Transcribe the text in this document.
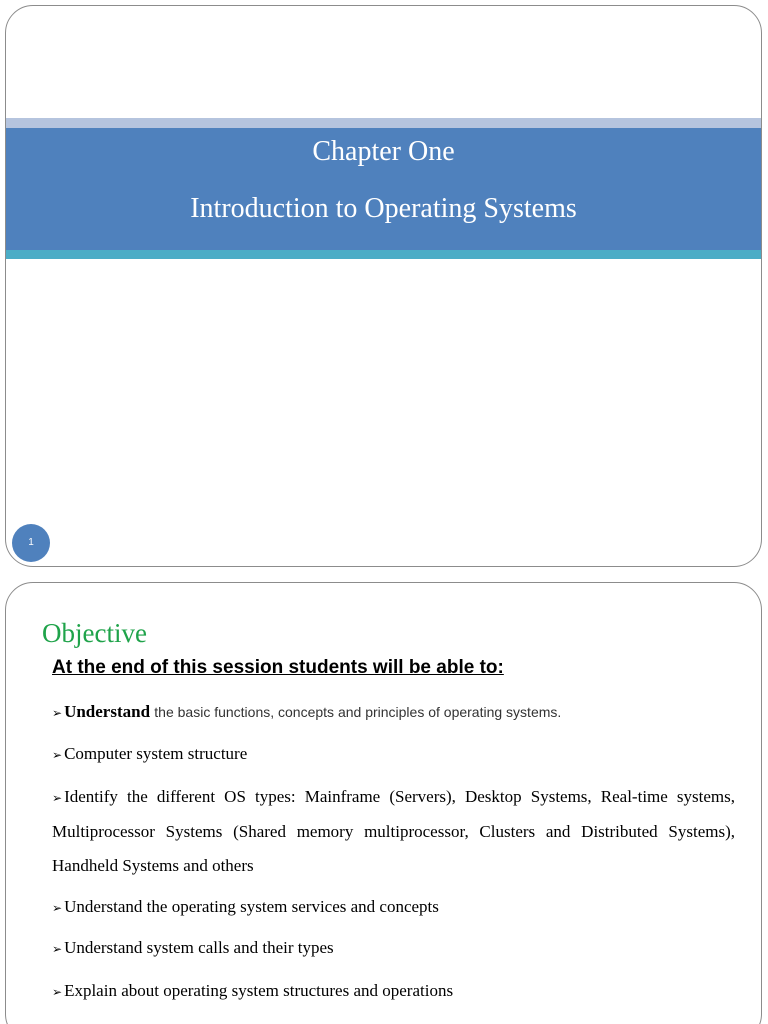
Chapter One
Introduction to Operating Systems
1
Objective
At the end of this session students will be able to:
➢ Understand the basic functions, concepts and principles of operating systems.
➢ Computer system structure
➢ Identify the different OS types: Mainframe (Servers), Desktop Systems, Real-time systems, Multiprocessor Systems (Shared memory multiprocessor, Clusters and Distributed Systems), Handheld Systems and others
➢ Understand the operating system services and concepts
➢ Understand system calls and their types
➢ Explain about operating system structures and operations
